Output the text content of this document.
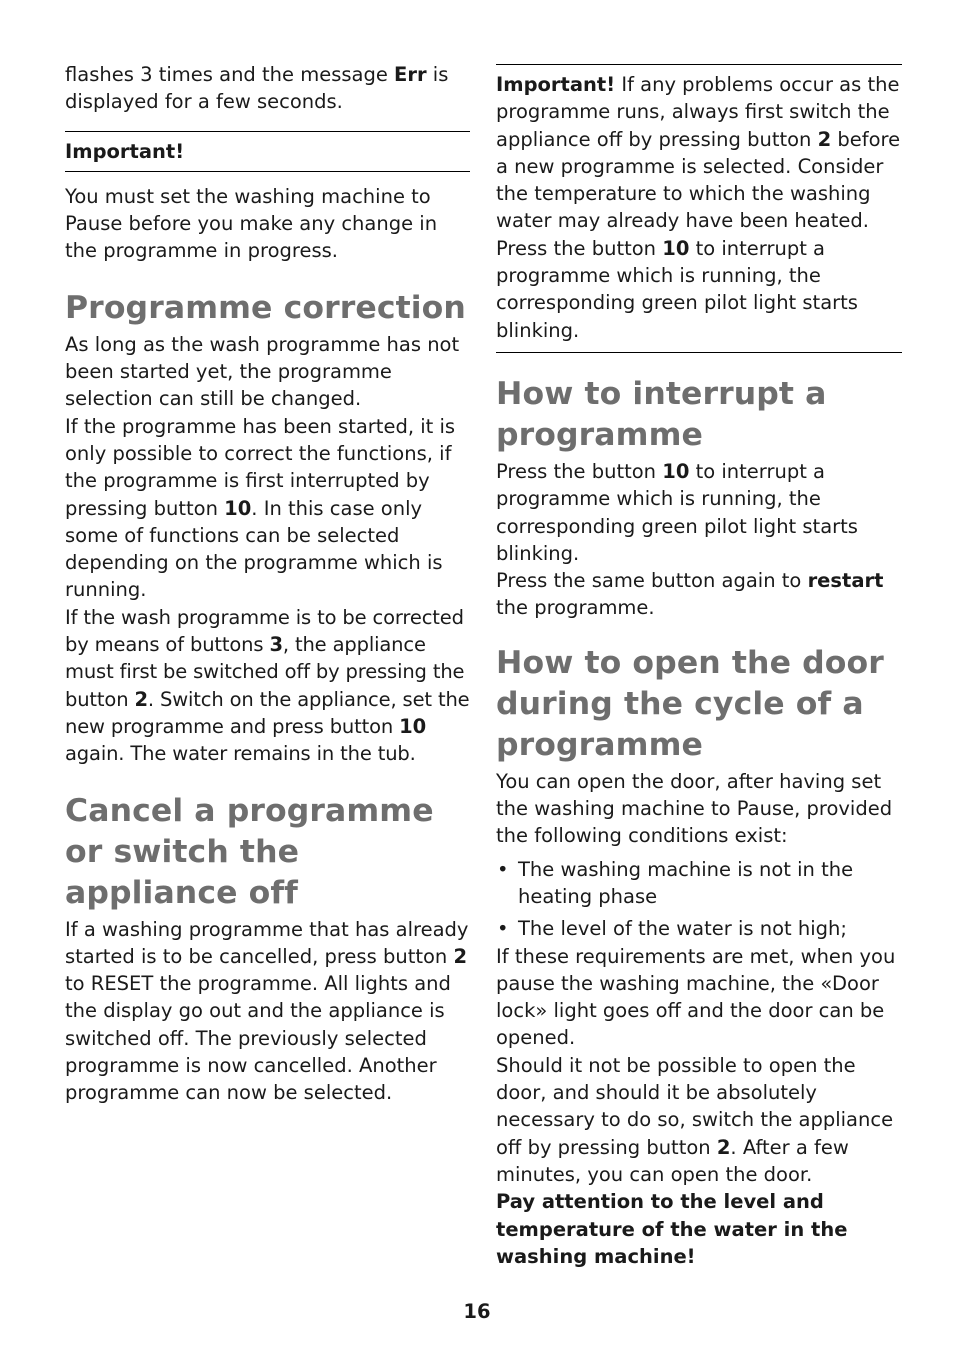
flashes 3 times and the message Err is displayed for a few seconds.

Important!

You must set the washing machine to Pause before you make any change in the programme in progress.

Programme correction

As long as the wash programme has not been started yet, the programme selection can still be changed.

If the programme has been started, it is only possible to correct the functions, if the programme is first interrupted by pressing button 10. In this case only some of functions can be selected depending on the programme which is running.

If the wash programme is to be corrected by means of buttons 3, the appliance must first be switched off by pressing the button 2. Switch on the appliance, set the new programme and press button 10 again. The water remains in the tub.

Cancel a programme or switch the appliance off

If a washing programme that has already started is to be cancelled, press button 2 to RESET the programme. All lights and the display go out and the appliance is switched off. The previously selected programme is now cancelled. Another programme can now be selected.

Important! If any problems occur as the programme runs, always first switch the appliance off by pressing button 2 before a new programme is selected. Consider the temperature to which the washing water may already have been heated. Press the button 10 to interrupt a programme which is running, the corresponding green pilot light starts blinking.

How to interrupt a programme

Press the button 10 to interrupt a programme which is running, the corresponding green pilot light starts blinking.

Press the same button again to restart the programme.

How to open the door during the cycle of a programme

You can open the door, after having set the washing machine to Pause, provided the following conditions exist:

• The washing machine is not in the heating phase
• The level of the water is not high;

If these requirements are met, when you pause the washing machine, the «Door lock» light goes off and the door can be opened.

Should it not be possible to open the door, and should it be absolutely necessary to do so, switch the appliance off by pressing button 2. After a few minutes, you can open the door.

Pay attention to the level and temperature of the water in the washing machine!

16
